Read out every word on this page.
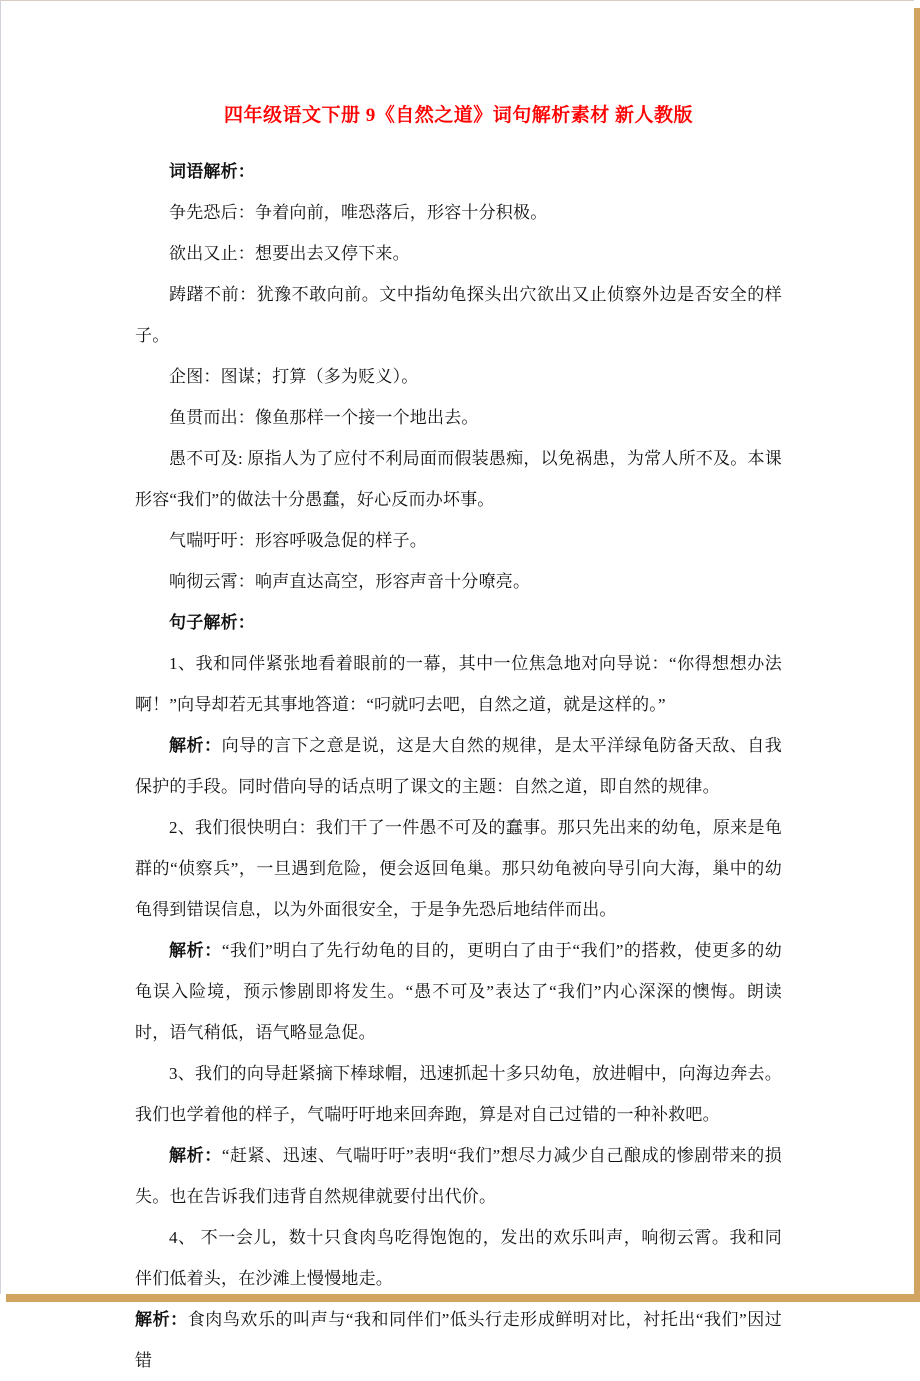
四年级语文下册 9《自然之道》词句解析素材 新人教版

词语解析：

争先恐后：争着向前，唯恐落后，形容十分积极。

欲出又止：想要出去又停下来。

踌躇不前：犹豫不敢向前。文中指幼龟探头出穴欲出又止侦察外边是否安全的样子。

企图：图谋；打算（多为贬义）。

鱼贯而出：像鱼那样一个接一个地出去。

愚不可及: 原指人为了应付不利局面而假装愚痴，以免祸患，为常人所不及。本课形容“我们”的做法十分愚蠢，好心反而办坏事。

气喘吁吁：形容呼吸急促的样子。

响彻云霄：响声直达高空，形容声音十分嘹亮。

句子解析：

1、我和同伴紧张地看着眼前的一幕，其中一位焦急地对向导说：“你得想想办法啊！”向导却若无其事地答道：“叼就叼去吧，自然之道，就是这样的。”

解析：向导的言下之意是说，这是大自然的规律，是太平洋绿龟防备天敌、自我保护的手段。同时借向导的话点明了课文的主题：自然之道，即自然的规律。

2、我们很快明白：我们干了一件愚不可及的蠢事。那只先出来的幼龟，原来是龟群的“侦察兵”，一旦遇到危险，便会返回龟巢。那只幼龟被向导引向大海，巢中的幼龟得到错误信息，以为外面很安全，于是争先恐后地结伴而出。

解析：“我们”明白了先行幼龟的目的，更明白了由于“我们”的搭救，使更多的幼龟误入险境，预示惨剧即将发生。“愚不可及”表达了“我们”内心深深的懊悔。朗读时，语气稍低，语气略显急促。

3、我们的向导赶紧摘下棒球帽，迅速抓起十多只幼龟，放进帽中，向海边奔去。我们也学着他的样子，气喘吁吁地来回奔跑，算是对自己过错的一种补救吧。

解析：“赶紧、迅速、气喘吁吁”表明“我们”想尽力减少自己酿成的惨剧带来的损失。也在告诉我们违背自然规律就要付出代价。

4、 不一会儿，数十只食肉鸟吃得饱饱的，发出的欢乐叫声，响彻云霄。我和同伴们低着头，在沙滩上慢慢地走。

解析：食肉鸟欢乐的叫声与“我和同伴们”低头行走形成鲜明对比，衬托出“我们”因过错
